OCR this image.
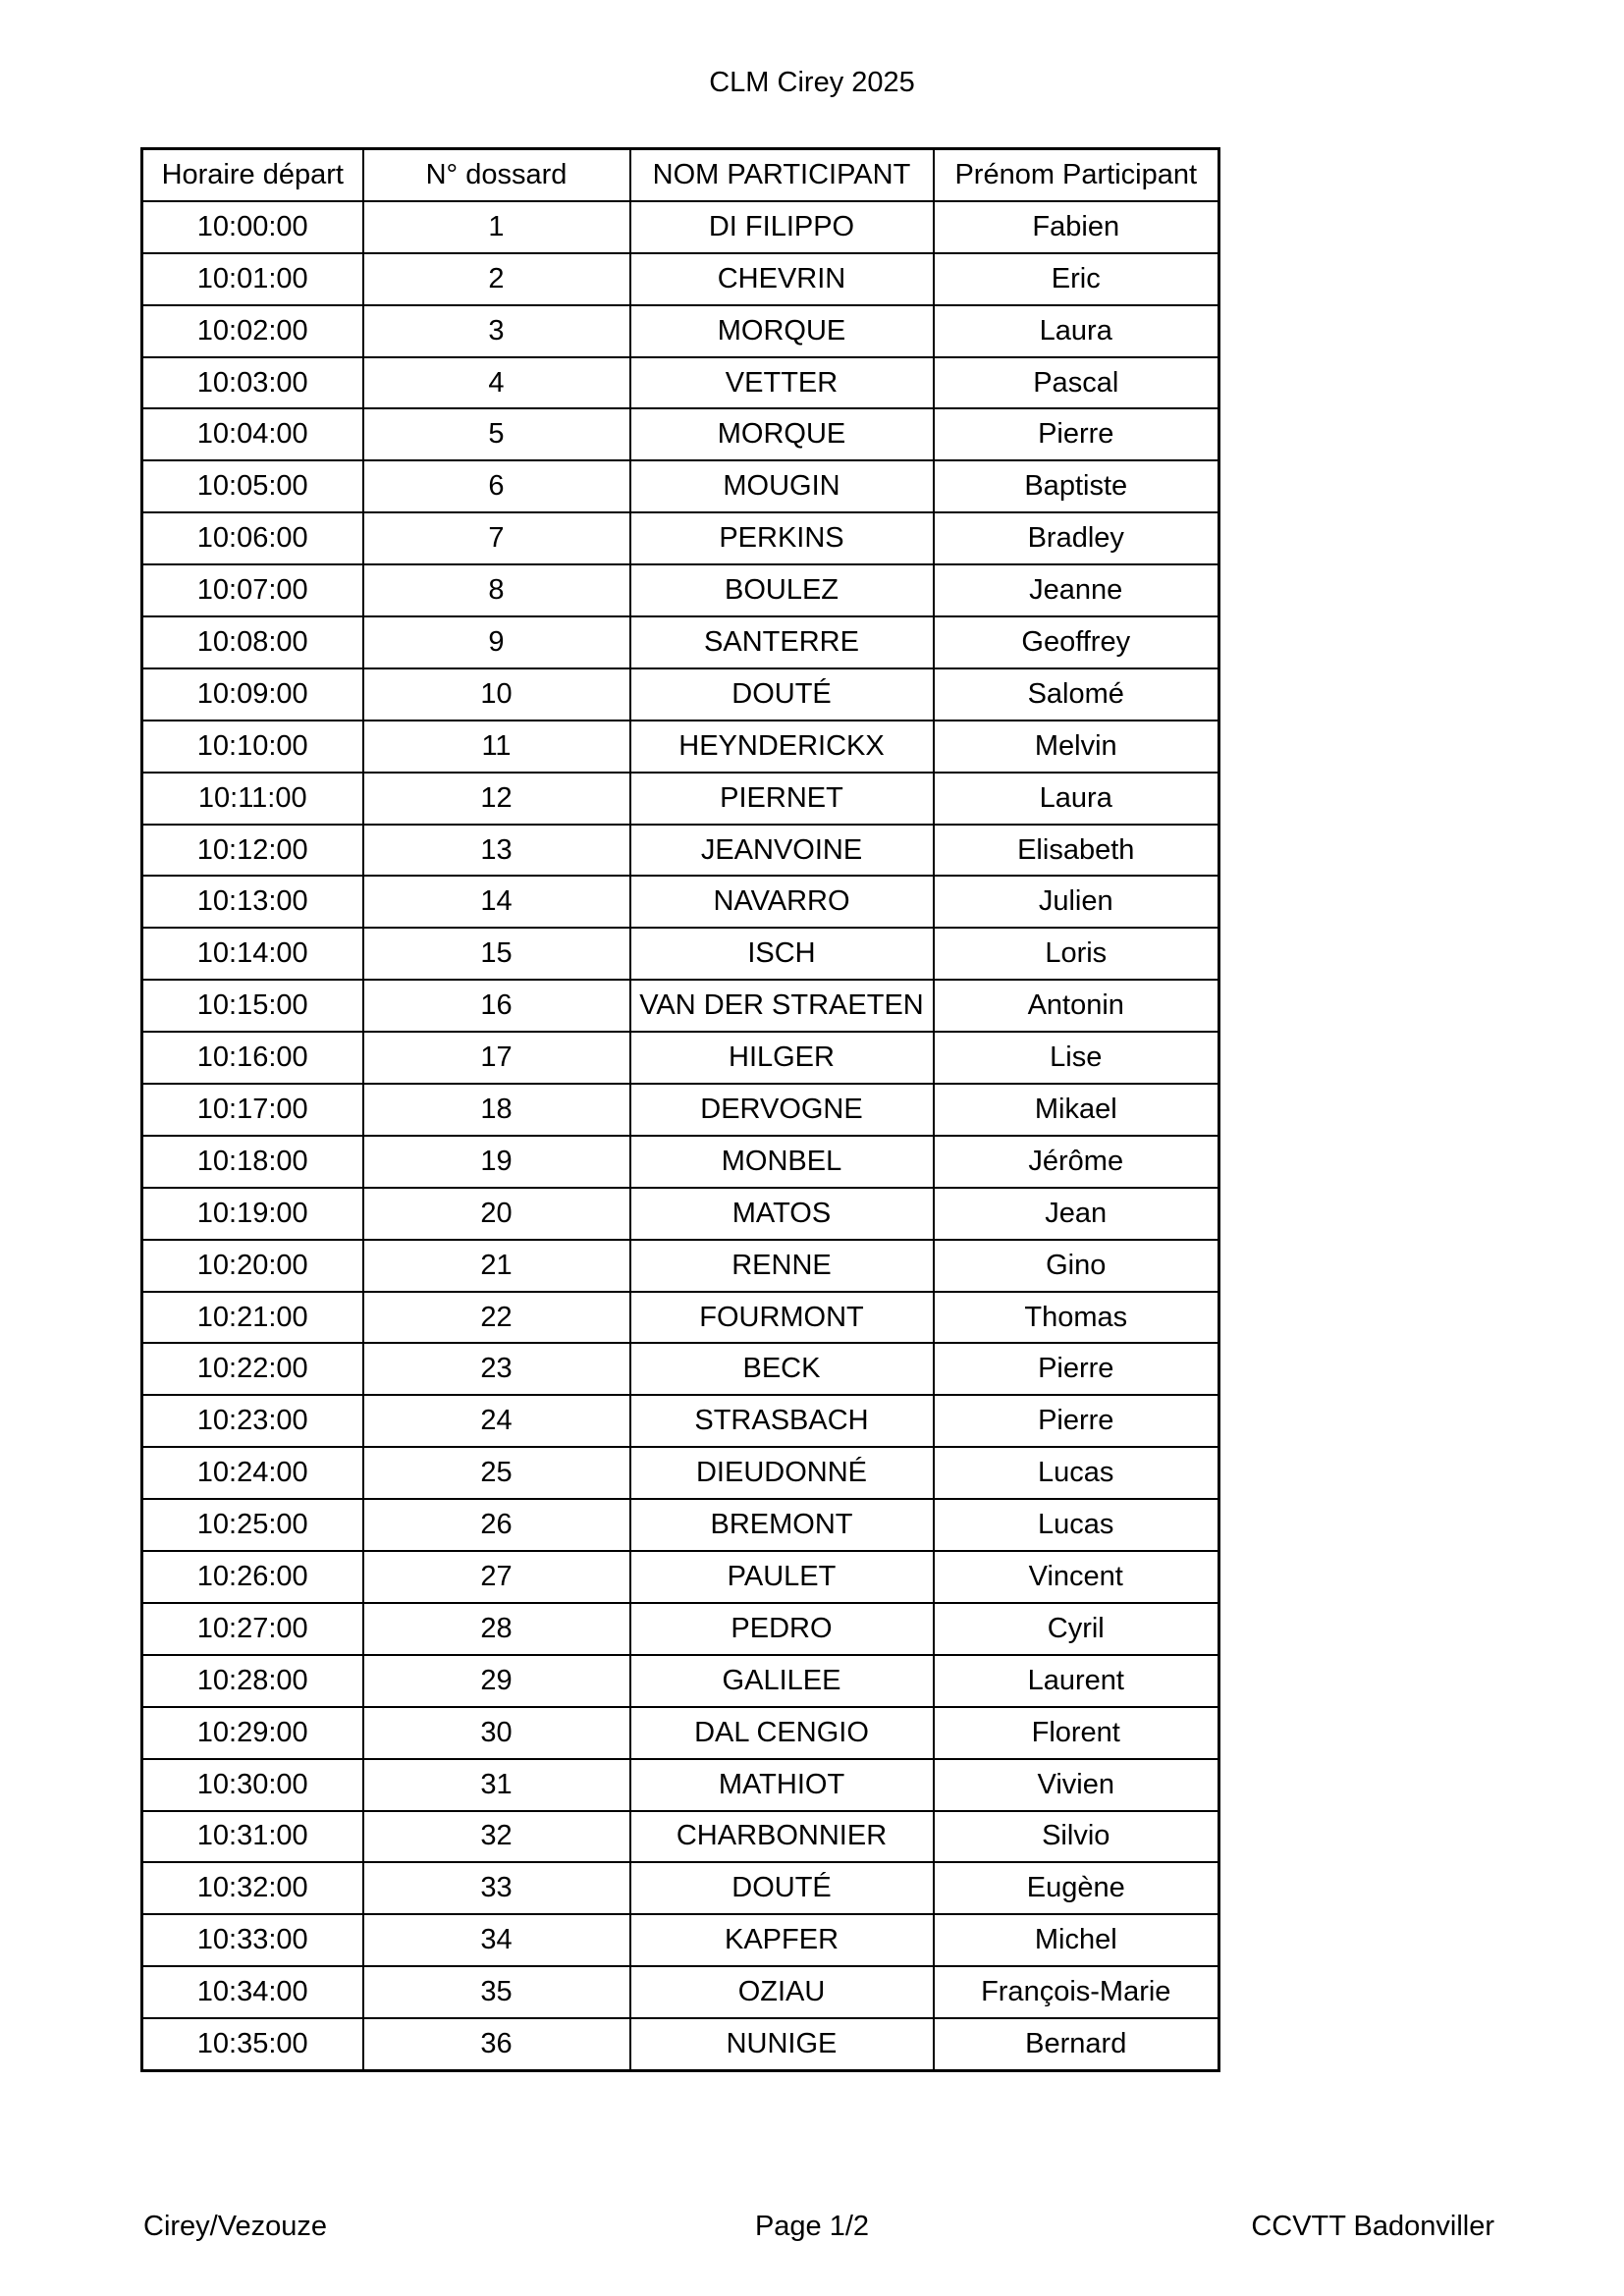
CLM Cirey 2025
Horaire départ	N° dossard	NOM PARTICIPANT	Prénom Participant
10:00:00	1	DI FILIPPO	Fabien
10:01:00	2	CHEVRIN	Eric
10:02:00	3	MORQUE	Laura
10:03:00	4	VETTER	Pascal
10:04:00	5	MORQUE	Pierre
10:05:00	6	MOUGIN	Baptiste
10:06:00	7	PERKINS	Bradley
10:07:00	8	BOULEZ	Jeanne
10:08:00	9	SANTERRE	Geoffrey
10:09:00	10	DOUTÉ	Salomé
10:10:00	11	HEYNDERICKX	Melvin
10:11:00	12	PIERNET	Laura
10:12:00	13	JEANVOINE	Elisabeth
10:13:00	14	NAVARRO	Julien
10:14:00	15	ISCH	Loris
10:15:00	16	VAN DER STRAETEN	Antonin
10:16:00	17	HILGER	Lise
10:17:00	18	DERVOGNE	Mikael
10:18:00	19	MONBEL	Jérôme
10:19:00	20	MATOS	Jean
10:20:00	21	RENNE	Gino
10:21:00	22	FOURMONT	Thomas
10:22:00	23	BECK	Pierre
10:23:00	24	STRASBACH	Pierre
10:24:00	25	DIEUDONNÉ	Lucas
10:25:00	26	BREMONT	Lucas
10:26:00	27	PAULET	Vincent
10:27:00	28	PEDRO	Cyril
10:28:00	29	GALILEE	Laurent
10:29:00	30	DAL CENGIO	Florent
10:30:00	31	MATHIOT	Vivien
10:31:00	32	CHARBONNIER	Silvio
10:32:00	33	DOUTÉ	Eugène
10:33:00	34	KAPFER	Michel
10:34:00	35	OZIAU	François-Marie
10:35:00	36	NUNIGE	Bernard
Cirey/Vezouze	Page 1/2	CCVTT Badonviller
